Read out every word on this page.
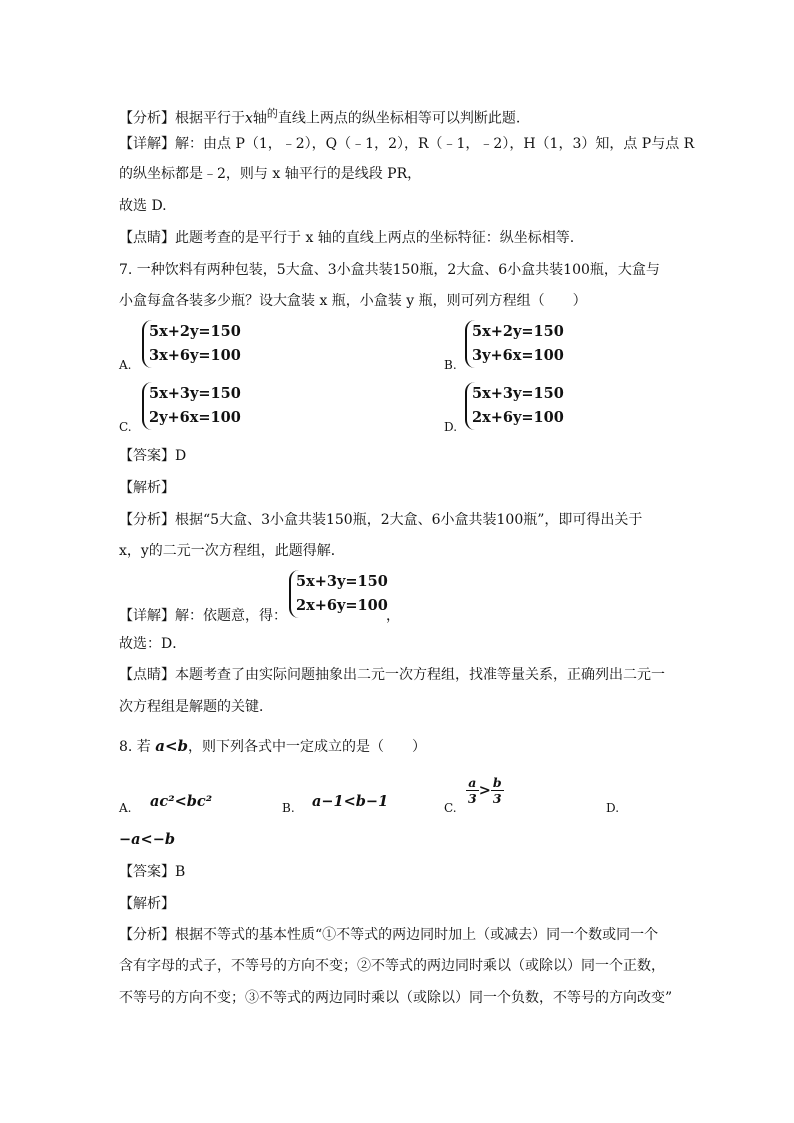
【分析】根据平行于x轴$^的$直线上两点的纵坐标相等可以判断此题.
【详解】解：由点 P（1，﹣2），Q（﹣1，2），R（﹣1，﹣2），H（1，3）知，点 P与点 R
的纵坐标都是﹣2，则与 x 轴平行的是线段 PR，
故选 D.
【点睛】此题考查的是平行于 x 轴的直线上两点的坐标特征：纵坐标相等.
7. 一种饮料有两种包装，5大盒、3小盒共装150瓶，2大盒、6小盒共装100瓶，大盒与
小盒每盒各装多少瓶？设大盒装 x 瓶，小盒装 y 瓶，则可列方程组（　　）
A.
5x+2y=150
3x+6y=100
B.
5x+2y=150
3y+6x=100
C.
5x+3y=150
2y+6x=100
D.
5x+3y=150
2x+6y=100
【答案】D
【解析】
【分析】根据“5大盒、3小盒共装150瓶，2大盒、6小盒共装100瓶”，即可得出关于
x，y的二元一次方程组，此题得解．
【详解】解：依题意，得：
5x+3y=150
2x+6y=100
，
故选：D．
【点睛】本题考查了由实际问题抽象出二元一次方程组，找准等量关系，正确列出二元一
次方程组是解题的关键．
8. 若 a<b，则下列各式中一定成立的是（　　）
A. ac²<bc²	B. a−1<b−1	C.
$\frac{a}{3} > \frac{b}{3}$
D.
−a<−b
【答案】B
【解析】
【分析】根据不等式的基本性质“①不等式的两边同时加上（或减去）同一个数或同一个
含有字母的式子，不等号的方向不变；②不等式的两边同时乘以（或除以）同一个正数，
不等号的方向不变；③不等式的两边同时乘以（或除以）同一个负数，不等号的方向改变”
